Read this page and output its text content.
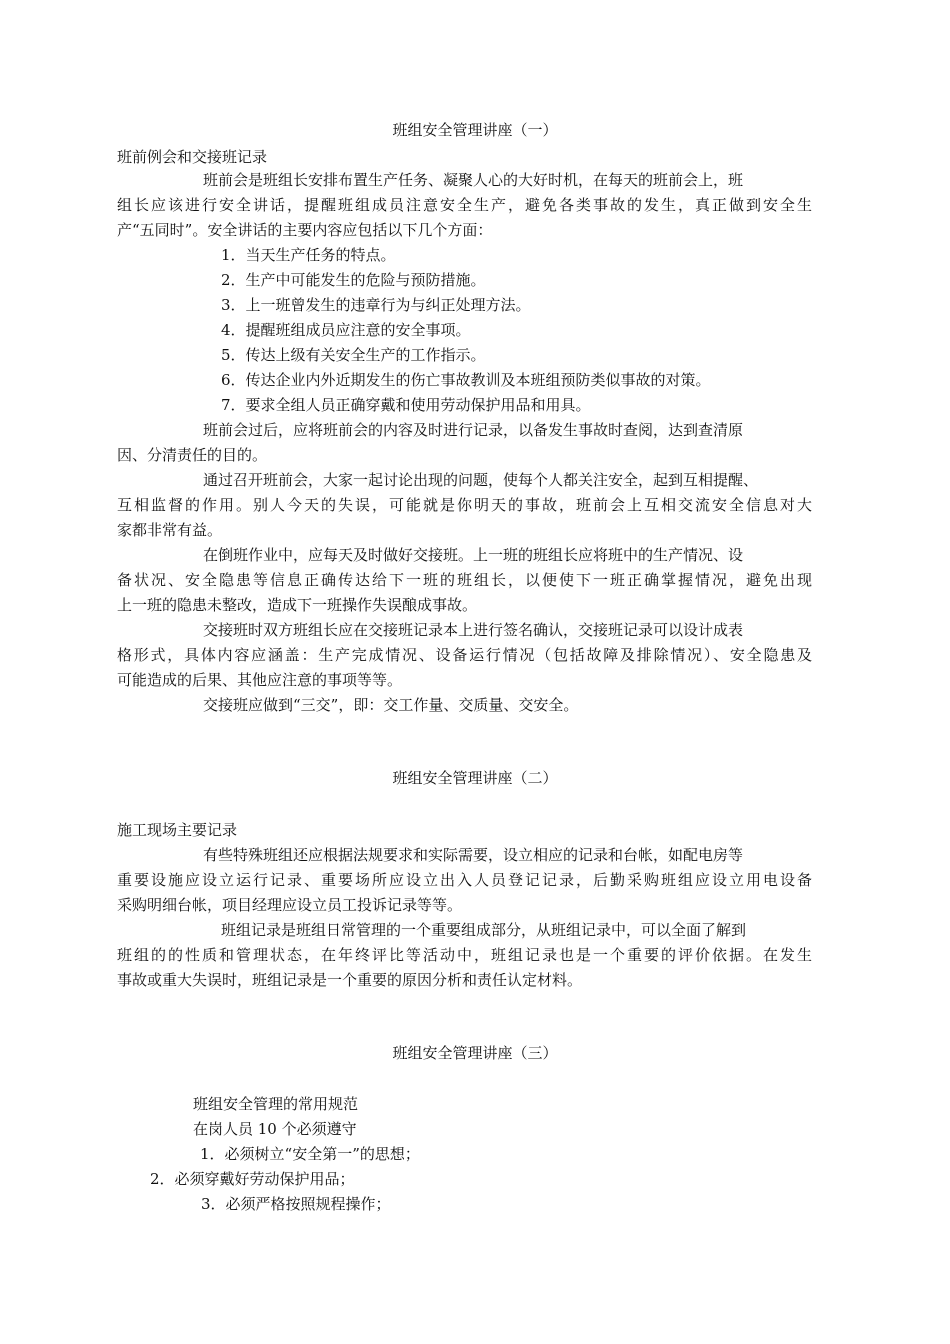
班组安全管理讲座（一）
班前例会和交接班记录
班前会是班组长安排布置生产任务、凝聚人心的大好时机，在每天的班前会上，班
组长应该进行安全讲话，提醒班组成员注意安全生产，避免各类事故的发生，真正做到安全生
产“五同时”。安全讲话的主要内容应包括以下几个方面：
1．当天生产任务的特点。
2．生产中可能发生的危险与预防措施。
3．上一班曾发生的违章行为与纠正处理方法。
4．提醒班组成员应注意的安全事项。
5．传达上级有关安全生产的工作指示。
6．传达企业内外近期发生的伤亡事故教训及本班组预防类似事故的对策。
7．要求全组人员正确穿戴和使用劳动保护用品和用具。
班前会过后，应将班前会的内容及时进行记录，以备发生事故时查阅，达到查清原
因、分清责任的目的。
通过召开班前会，大家一起讨论出现的问题，使每个人都关注安全，起到互相提醒、
互相监督的作用。别人今天的失误，可能就是你明天的事故，班前会上互相交流安全信息对大
家都非常有益。
在倒班作业中，应每天及时做好交接班。上一班的班组长应将班中的生产情况、设
备状况、安全隐患等信息正确传达给下一班的班组长，以便使下一班正确掌握情况，避免出现
上一班的隐患未整改，造成下一班操作失误酿成事故。
交接班时双方班组长应在交接班记录本上进行签名确认，交接班记录可以设计成表
格形式，具体内容应涵盖：生产完成情况、设备运行情况（包括故障及排除情况）、安全隐患及
可能造成的后果、其他应注意的事项等等。
交接班应做到“三交”，即：交工作量、交质量、交安全。
班组安全管理讲座（二）
施工现场主要记录
有些特殊班组还应根据法规要求和实际需要，设立相应的记录和台帐，如配电房等
重要设施应设立运行记录、重要场所应设立出入人员登记记录，后勤采购班组应设立用电设备
采购明细台帐，项目经理应设立员工投诉记录等等。
班组记录是班组日常管理的一个重要组成部分，从班组记录中，可以全面了解到
班组的的性质和管理状态，在年终评比等活动中，班组记录也是一个重要的评价依据。在发生
事故或重大失误时，班组记录是一个重要的原因分析和责任认定材料。
班组安全管理讲座（三）
班组安全管理的常用规范
在岗人员 10 个必须遵守
1．必须树立“安全第一”的思想；
2．必须穿戴好劳动保护用品；
3．必须严格按照规程操作；
